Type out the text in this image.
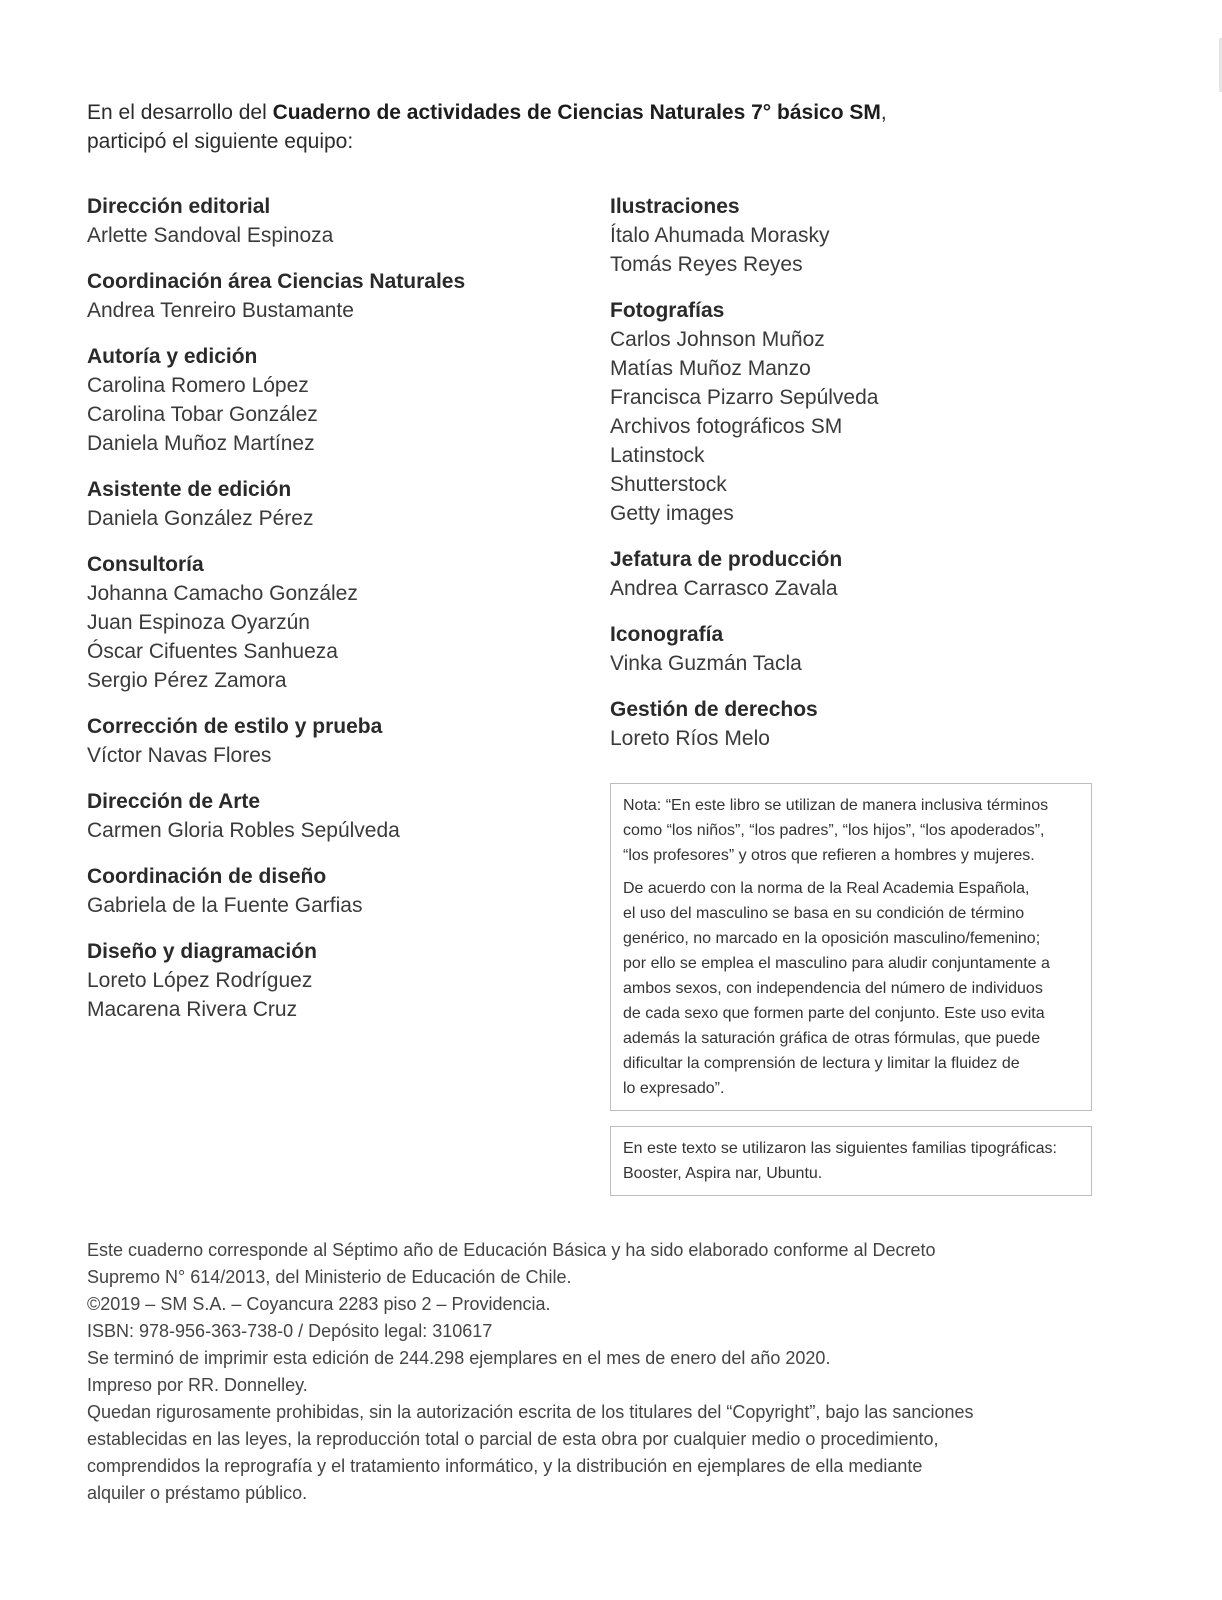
En el desarrollo del Cuaderno de actividades de Ciencias Naturales 7° básico SM,
participó el siguiente equipo:
Dirección editorial
Arlette Sandoval Espinoza
Coordinación área Ciencias Naturales
Andrea Tenreiro Bustamante
Autoría y edición
Carolina Romero López
Carolina Tobar González
Daniela Muñoz Martínez
Asistente de edición
Daniela González Pérez
Consultoría
Johanna Camacho González
Juan Espinoza Oyarzún
Óscar Cifuentes Sanhueza
Sergio Pérez Zamora
Corrección de estilo y prueba
Víctor Navas Flores
Dirección de Arte
Carmen Gloria Robles Sepúlveda
Coordinación de diseño
Gabriela de la Fuente Garfias
Diseño y diagramación
Loreto López Rodríguez
Macarena Rivera Cruz
Ilustraciones
Ítalo Ahumada Morasky
Tomás Reyes Reyes
Fotografías
Carlos Johnson Muñoz
Matías Muñoz Manzo
Francisca Pizarro Sepúlveda
Archivos fotográficos SM
Latinstock
Shutterstock
Getty images
Jefatura de producción
Andrea Carrasco Zavala
Iconografía
Vinka Guzmán Tacla
Gestión de derechos
Loreto Ríos Melo

Nota: “En este libro se utilizan de manera inclusiva términos
como “los niños”, “los padres”, “los hijos”, “los apoderados”,
“los profesores” y otros que refieren a hombres y mujeres.

De acuerdo con la norma de la Real Academia Española,
el uso del masculino se basa en su condición de término
genérico, no marcado en la oposición masculino/femenino;
por ello se emplea el masculino para aludir conjuntamente a
ambos sexos, con independencia del número de individuos
de cada sexo que formen parte del conjunto. Este uso evita
además la saturación gráfica de otras fórmulas, que puede
dificultar la comprensión de lectura y limitar la fluidez de
lo expresado”.

En este texto se utilizaron las siguientes familias tipográficas:
Booster, Aspira nar, Ubuntu.
Este cuaderno corresponde al Séptimo año de Educación Básica y ha sido elaborado conforme al Decreto
Supremo N° 614/2013, del Ministerio de Educación de Chile.
©2019 – SM S.A. – Coyancura 2283 piso 2 – Providencia.
ISBN: 978-956-363-738-0 / Depósito legal: 310617
Se terminó de imprimir esta edición de 244.298 ejemplares en el mes de enero del año 2020.
Impreso por RR. Donnelley.
Quedan rigurosamente prohibidas, sin la autorización escrita de los titulares del “Copyright”, bajo las sanciones
establecidas en las leyes, la reproducción total o parcial de esta obra por cualquier medio o procedimiento,
comprendidos la reprografía y el tratamiento informático, y la distribución en ejemplares de ella mediante
alquiler o préstamo público.
